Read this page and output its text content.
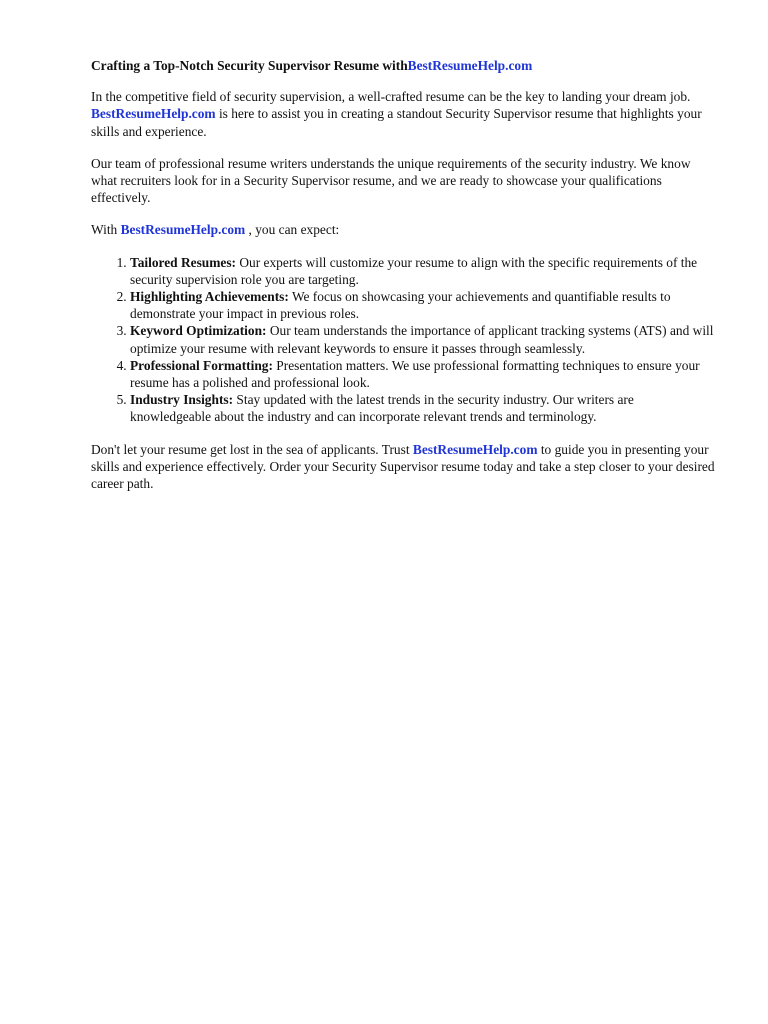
Crafting a Top-Notch Security Supervisor Resume withBestResumeHelp.com

In the competitive field of security supervision, a well-crafted resume can be the key to landing your dream job. BestResumeHelp.com is here to assist you in creating a standout Security Supervisor resume that highlights your skills and experience.

Our team of professional resume writers understands the unique requirements of the security industry. We know what recruiters look for in a Security Supervisor resume, and we are ready to showcase your qualifications effectively.

With BestResumeHelp.com , you can expect:

1. Tailored Resumes: Our experts will customize your resume to align with the specific requirements of the security supervision role you are targeting.
2. Highlighting Achievements: We focus on showcasing your achievements and quantifiable results to demonstrate your impact in previous roles.
3. Keyword Optimization: Our team understands the importance of applicant tracking systems (ATS) and will optimize your resume with relevant keywords to ensure it passes through seamlessly.
4. Professional Formatting: Presentation matters. We use professional formatting techniques to ensure your resume has a polished and professional look.
5. Industry Insights: Stay updated with the latest trends in the security industry. Our writers are knowledgeable about the industry and can incorporate relevant trends and terminology.

Don't let your resume get lost in the sea of applicants. Trust BestResumeHelp.com to guide you in presenting your skills and experience effectively. Order your Security Supervisor resume today and take a step closer to your desired career path.
